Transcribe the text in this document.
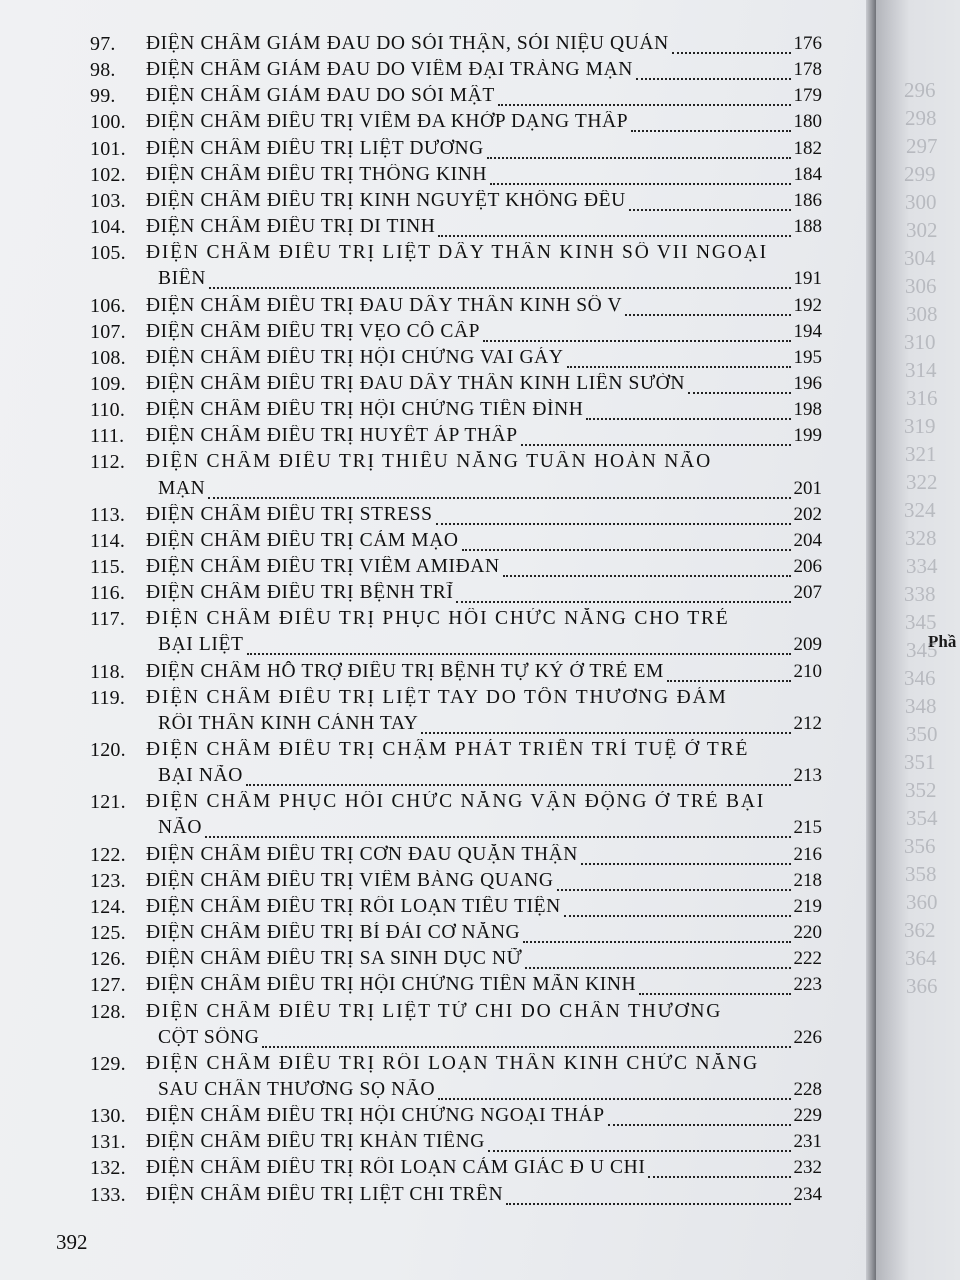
97. ĐIỆN CHÂM GIẢM ĐAU DO SỎI THẬN, SỎI NIỆU QUẢN	176
98. ĐIỆN CHÂM GIẢM ĐAU DO VIÊM ĐẠI TRÀNG MẠN	178
99. ĐIỆN CHÂM GIẢM ĐAU DO SỎI MẬT	179
100. ĐIỆN CHÂM ĐIỀU TRỊ VIÊM ĐA KHỚP DẠNG THẤP	180
101. ĐIỆN CHÂM ĐIỀU TRỊ LIỆT DƯƠNG	182
102. ĐIỆN CHÂM ĐIỀU TRỊ THỐNG KINH	184
103. ĐIỆN CHÂM ĐIỀU TRỊ KINH NGUYỆT KHÔNG ĐỀU	186
104. ĐIỆN CHÂM ĐIỀU TRỊ DI TINH	188
105. ĐIỆN CHÂM ĐIỀU TRỊ LIỆT DÂY THẦN KINH SỐ VII NGOẠI
BIÊN	191
106. ĐIỆN CHÂM ĐIỀU TRỊ ĐAU DÂY THẦN KINH SỐ V	192
107. ĐIỆN CHÂM ĐIỀU TRỊ VẸO CỔ CẤP	194
108. ĐIỆN CHÂM ĐIỀU TRỊ HỘI CHỨNG VAI GÁY	195
109. ĐIỆN CHÂM ĐIỀU TRỊ ĐAU DÂY THẦN KINH LIÊN SƯỜN	196
110. ĐIỆN CHÂM ĐIỀU TRỊ HỘI CHỨNG TIỀN ĐÌNH	198
111. ĐIỆN CHÂM ĐIỀU TRỊ HUYẾT ÁP THẤP	199
112. ĐIỆN CHÂM ĐIỀU TRỊ THIỂU NĂNG TUẦN HOÀN NÃO
MẠN	201
113. ĐIỆN CHÂM ĐIỀU TRỊ STRESS	202
114. ĐIỆN CHÂM ĐIỀU TRỊ CẢM MẠO	204
115. ĐIỆN CHÂM ĐIỀU TRỊ VIÊM AMIĐAN	206
116. ĐIỆN CHÂM ĐIỀU TRỊ BỆNH TRĨ	207
117. ĐIỆN CHÂM ĐIỀU TRỊ PHỤC HỒI CHỨC NĂNG CHO TRẺ
BẠI LIỆT	209
118. ĐIỆN CHÂM HỖ TRỢ ĐIỀU TRỊ BỆNH TỰ KỶ Ở TRẺ EM	210
119. ĐIỆN CHÂM ĐIỀU TRỊ LIỆT TAY DO TỔN THƯƠNG ĐÁM
RỐI THẦN KINH CÁNH TAY	212
120. ĐIỆN CHÂM ĐIỀU TRỊ CHẬM PHÁT TRIỂN TRÍ TUỆ Ở TRẺ
BẠI NÃO	213
121. ĐIỆN CHÂM PHỤC HỒI CHỨC NĂNG VẬN ĐỘNG Ở TRẺ BẠI
NÃO	215
122. ĐIỆN CHÂM ĐIỀU TRỊ CƠN ĐAU QUẶN THẬN	216
123. ĐIỆN CHÂM ĐIỀU TRỊ VIÊM BÀNG QUANG	218
124. ĐIỆN CHÂM ĐIỀU TRỊ RỐI LOẠN TIỂU TIỆN	219
125. ĐIỆN CHÂM ĐIỀU TRỊ BÍ ĐÁI CƠ NĂNG	220
126. ĐIỆN CHÂM ĐIỀU TRỊ SA SINH DỤC NỮ	222
127. ĐIỆN CHÂM ĐIỀU TRỊ HỘI CHỨNG TIỀN MÃN KINH	223
128. ĐIỆN CHÂM ĐIỀU TRỊ LIỆT TỨ CHI DO CHẤN THƯƠNG
CỘT SỐNG	226
129. ĐIỆN CHÂM ĐIỀU TRỊ RỐI LOẠN THẦN KINH CHỨC NĂNG
SAU CHẤN THƯƠNG SỌ NÃO	228
130. ĐIỆN CHÂM ĐIỀU TRỊ HỘI CHỨNG NGOẠI THÁP	229
131. ĐIỆN CHÂM ĐIỀU TRỊ KHÀN TIẾNG	231
132. ĐIỆN CHÂM ĐIỀU TRỊ RỐI LOẠN CẢM GIÁC Đ U CHI	232
133. ĐIỆN CHÂM ĐIỀU TRỊ LIỆT CHI TRÊN	234
392
Phầ
296
298
297
299
300
302
304
306
308
310
314
316
319
321
322
324
328
334
338
345
345
346
348
350
351
352
354
356
358
360
362
364
366
